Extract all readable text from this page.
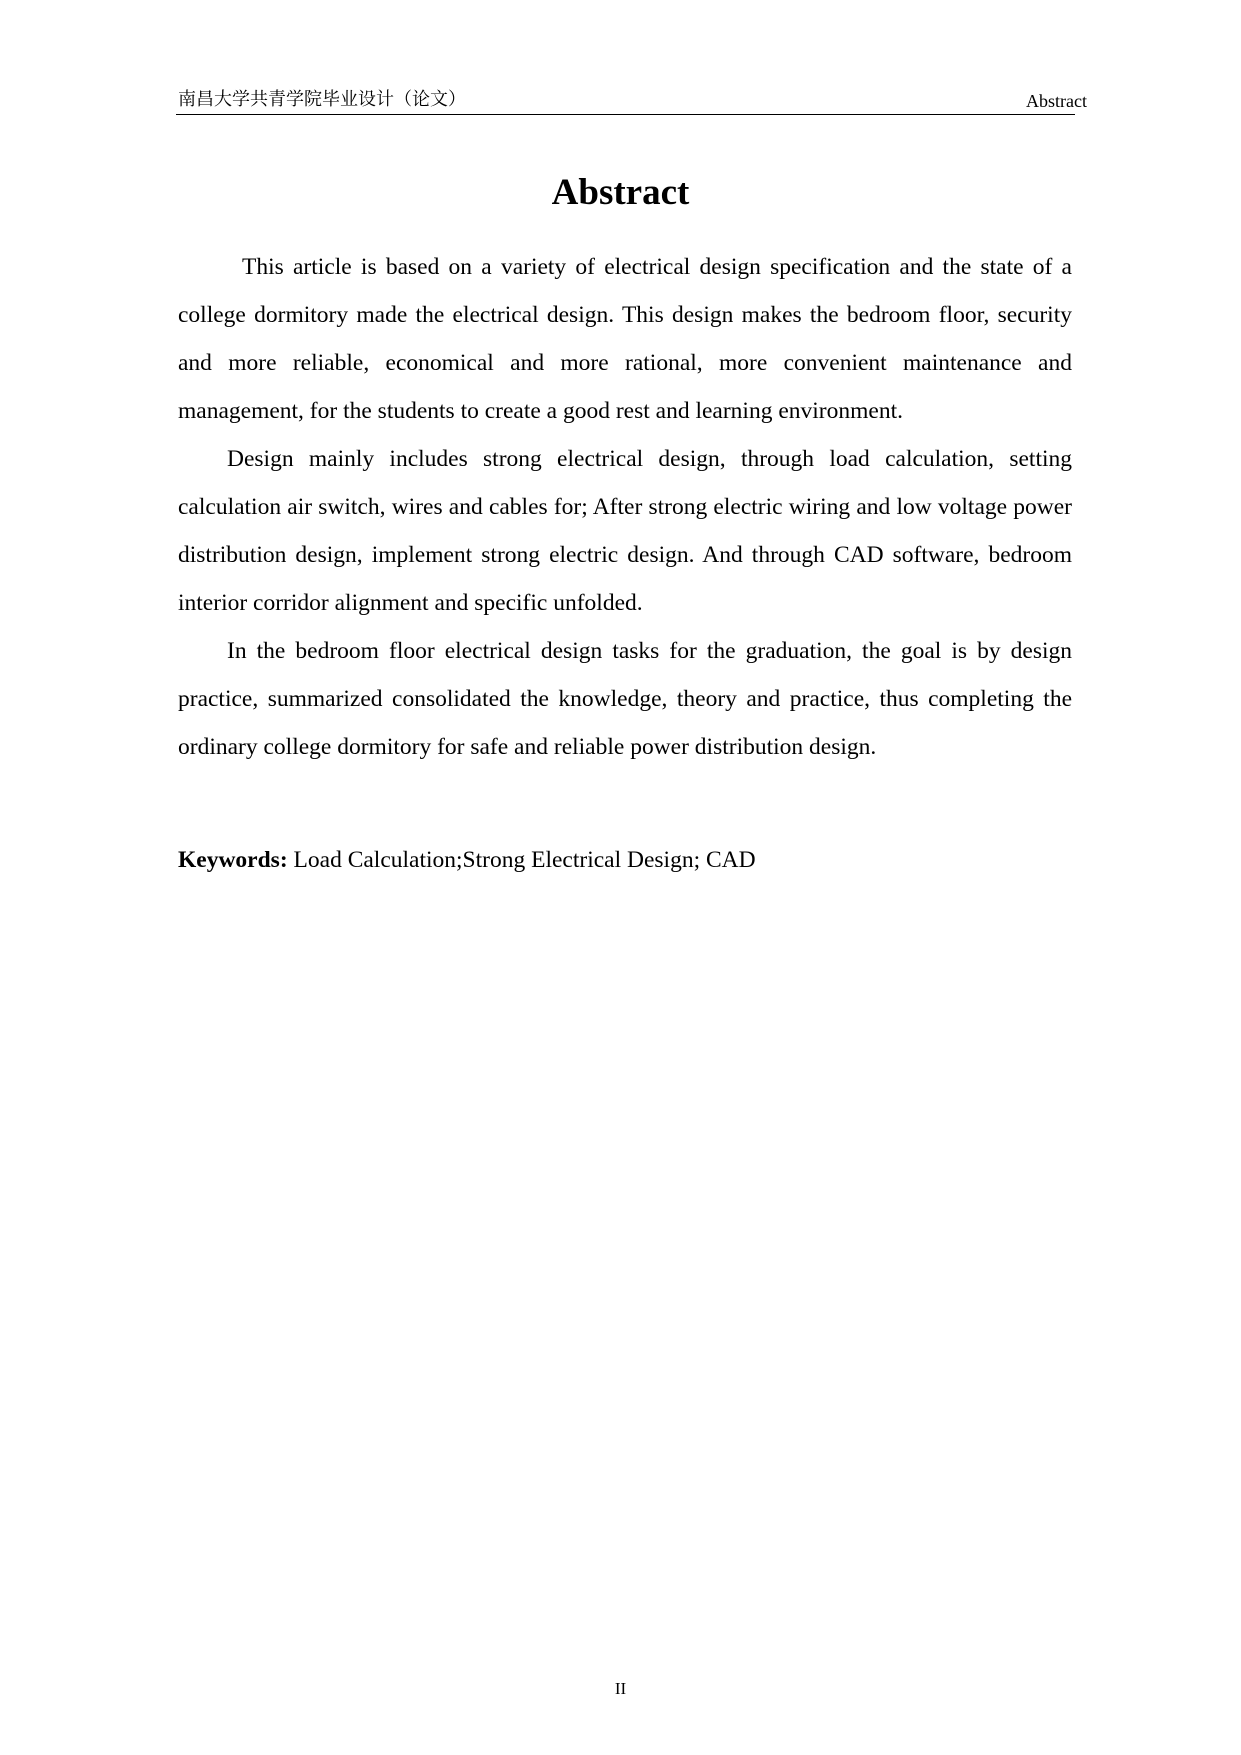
南昌大学共青学院毕业设计（论文）	Abstract
Abstract

This article is based on a variety of electrical design specification and the state of a college dormitory made the electrical design. This design makes the bedroom floor, security and more reliable, economical and more rational, more convenient maintenance and management, for the students to create a good rest and learning environment.

Design mainly includes strong electrical design, through load calculation, setting calculation air switch, wires and cables for; After strong electric wiring and low voltage power distribution design, implement strong electric design. And through CAD software, bedroom interior corridor alignment and specific unfolded.

In the bedroom floor electrical design tasks for the graduation, the goal is by design practice, summarized consolidated the knowledge, theory and practice, thus completing the ordinary college dormitory for safe and reliable power distribution design.

Keywords: Load Calculation;Strong Electrical Design; CAD

II
